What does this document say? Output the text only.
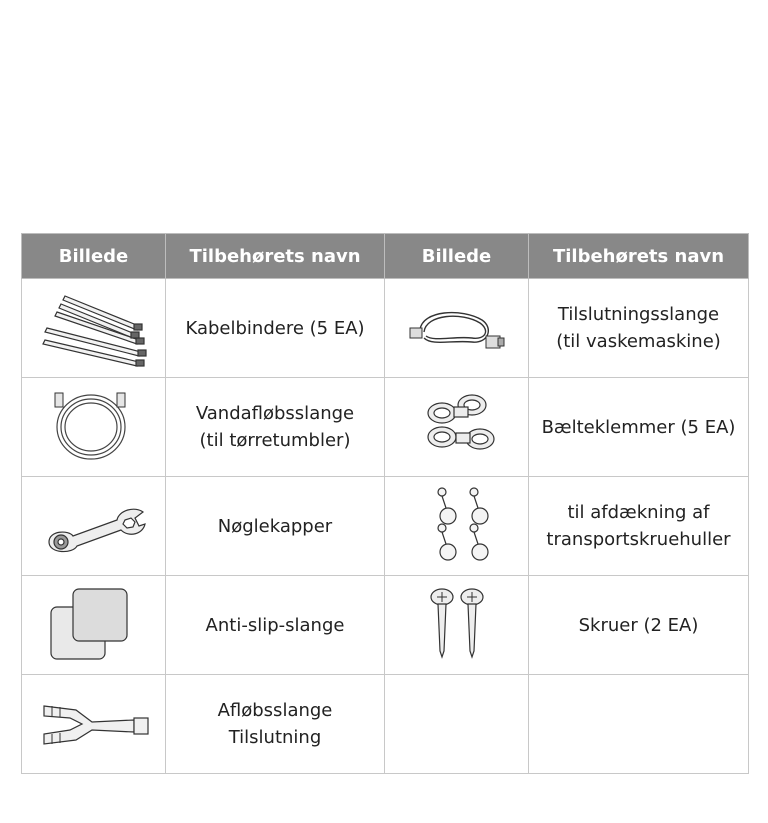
Billede	Tilbehørets navn	Billede	Tilbehørets navn

	Kabelbindere (5 EA)		Tilslutningsslange
(til vaskemaskine)

	Vandafløbsslange
(til tørretumbler)		Bælteklemmer (5 EA)

	Nøglekapper		til afdækning af
transportskruehuller

	Anti-slip-slange		Skruer (2 EA)

	Afløbsslange
Tilslutning		
